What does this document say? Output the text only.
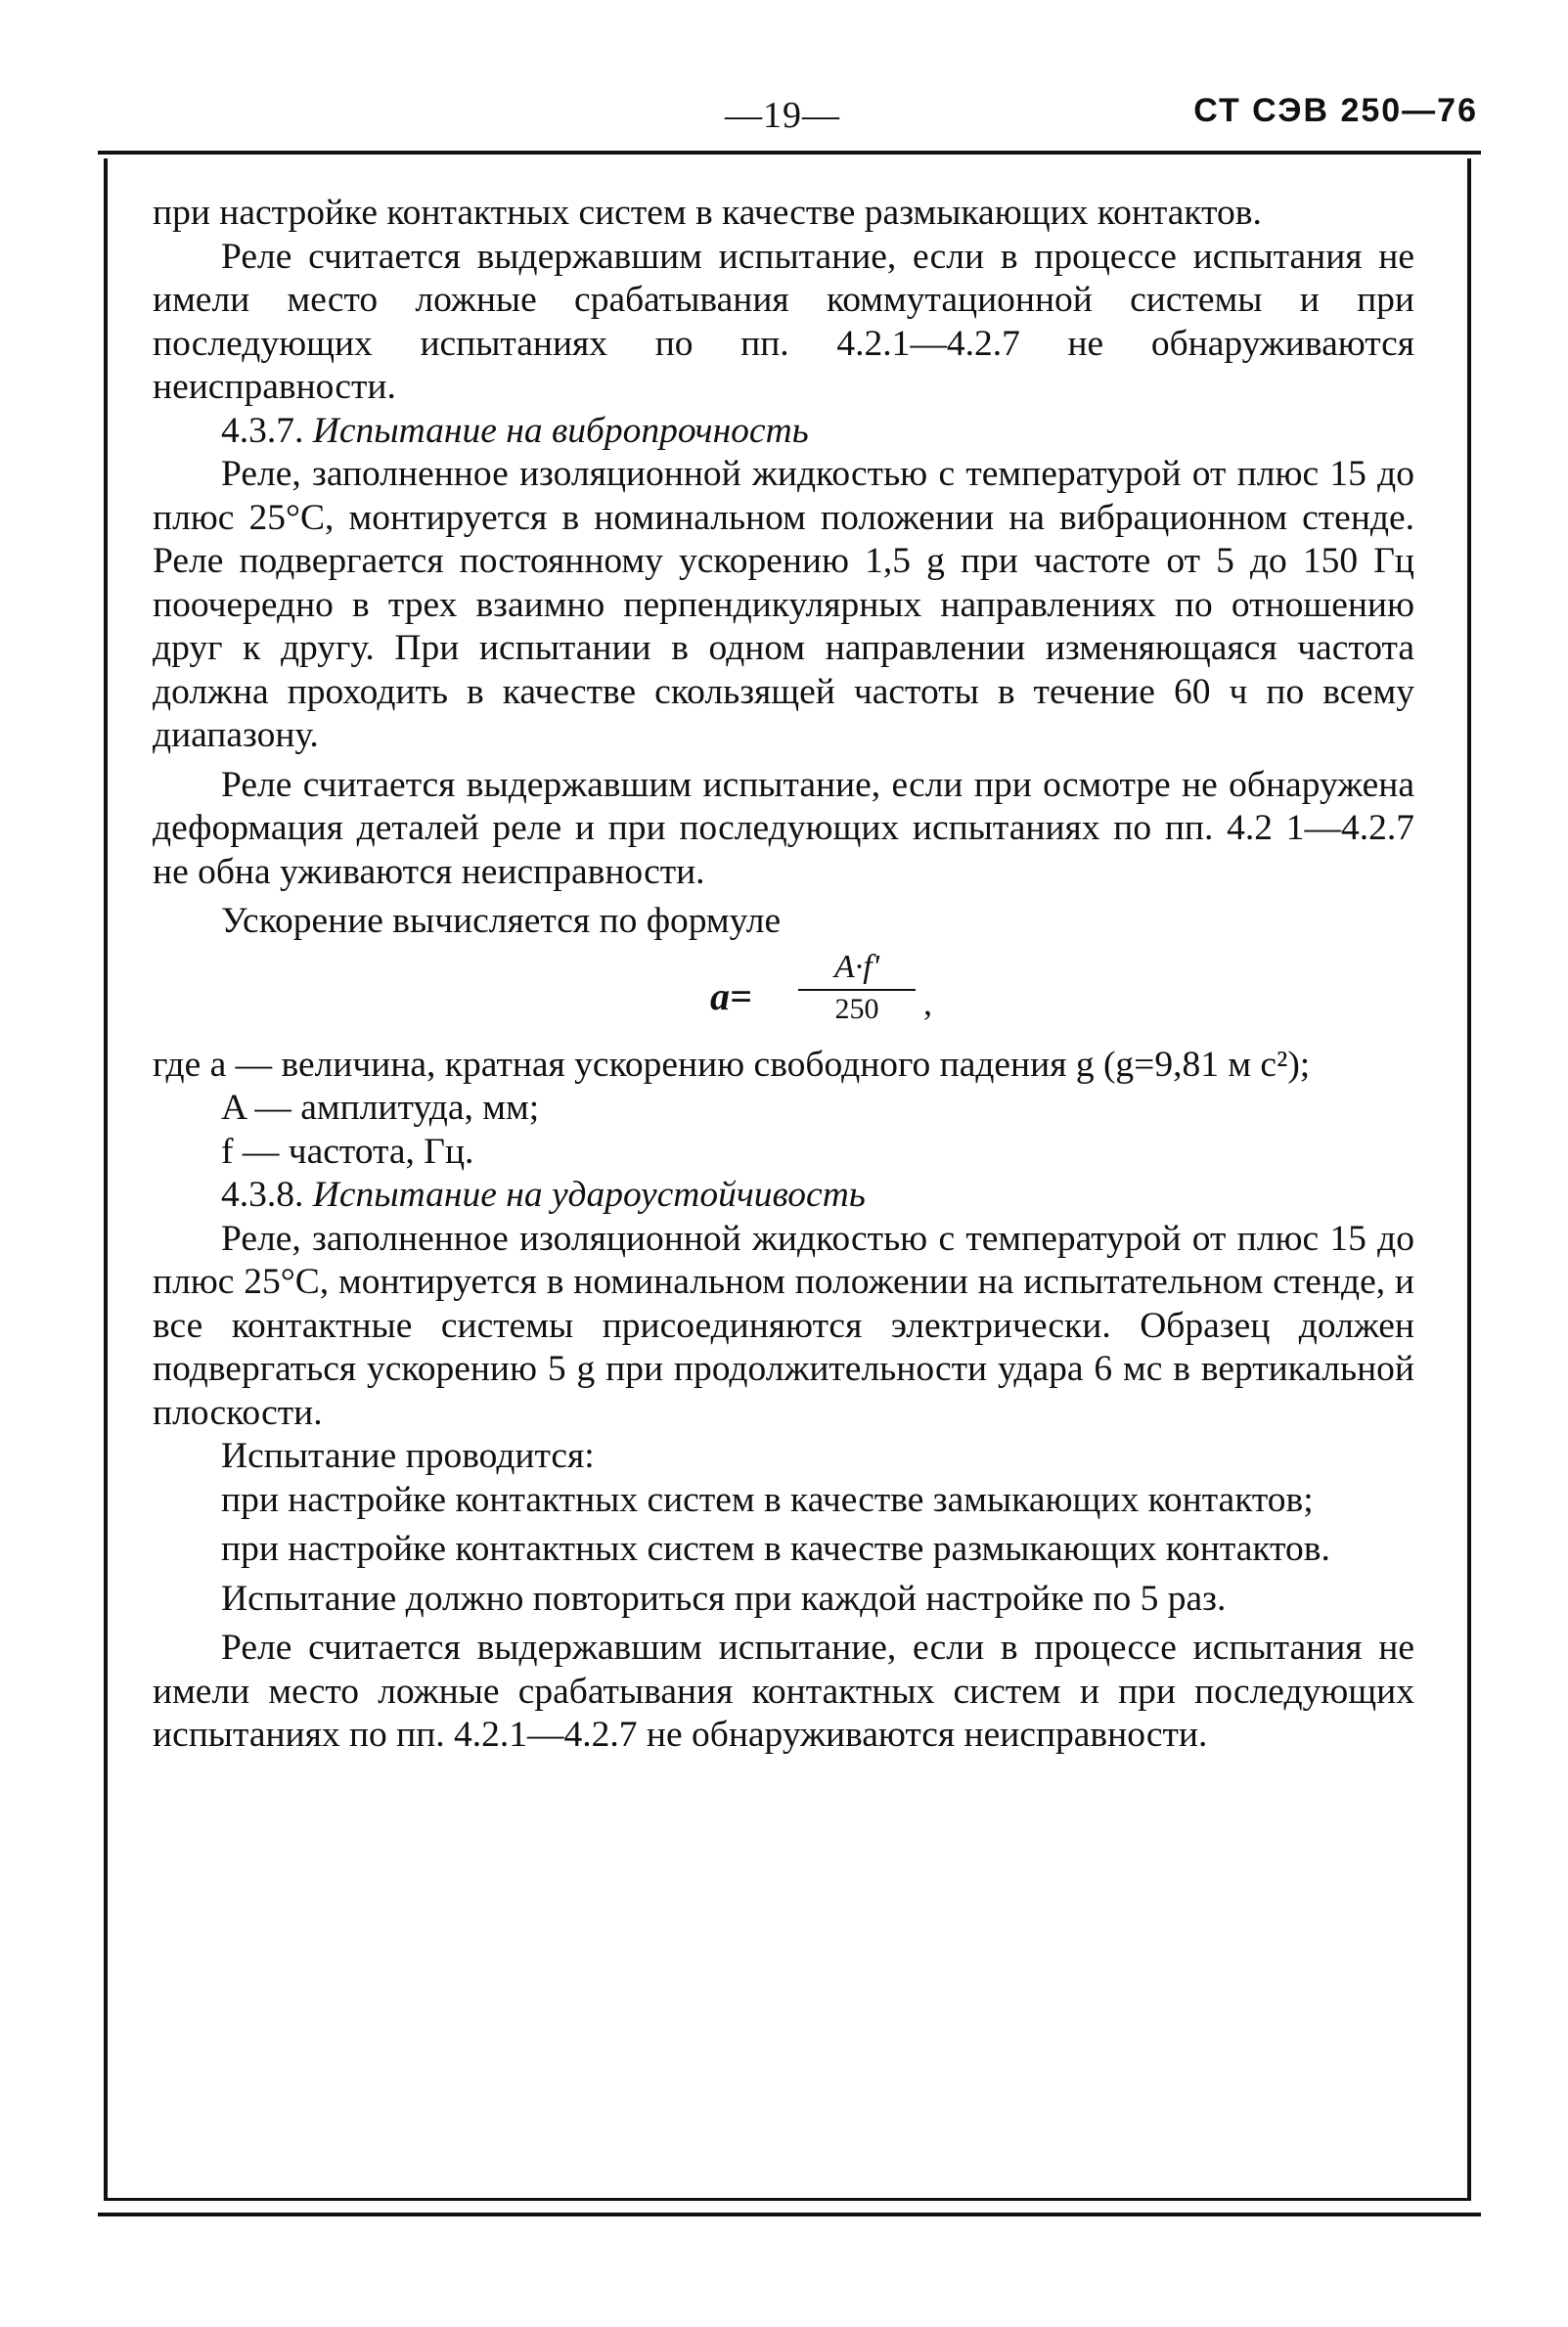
—19—	СТ СЭВ 250—76

при настройке контактных систем в качестве размыкающих контактов.

Реле считается выдержавшим испытание, если в процессе испытания не имели место ложные срабатывания коммутационной системы и при последующих испытаниях по пп. 4.2.1—4.2.7 не обнаруживаются неисправности.

4.3.7. Испытание на вибропрочность

Реле, заполненное изоляционной жидкостью с температурой от плюс 15 до плюс 25°С, монтируется в номинальном положении на вибрационном стенде. Реле подвергается постоянному ускорению 1,5 g при частоте от 5 до 150 Гц поочередно в трех взаимно перпендикулярных направлениях по отношению друг к другу. При испытании в одном направлении изменяющаяся частота должна проходить в качестве скользящей частоты в течение 60 ч по всему диапазону.

Реле считается выдержавшим испытание, если при осмотре не обнаружена деформация деталей реле и при последующих испытаниях по пп. 4.2 1—4.2.7 не обна уживаются неисправности.

Ускорение вычисляется по формуле

a=
A·f'
250	,

где a — величина, кратная ускорению свободного падения g (g=9,81 м с²);

A — амплитуда, мм;

f — частота, Гц.

4.3.8. Испытание на удароустойчивость

Реле, заполненное изоляционной жидкостью с температурой от плюс 15 до плюс 25°С, монтируется в номинальном положении на испытательном стенде, и все контактные системы присоединяются электрически. Образец должен подвергаться ускорению 5 g при продолжительности удара 6 мс в вертикальной плоскости.

Испытание проводится:

при настройке контактных систем в качестве замыкающих контактов;

при настройке контактных систем в качестве размыкающих контактов.

Испытание должно повториться при каждой настройке по 5 раз.

Реле считается выдержавшим испытание, если в процессе испытания не имели место ложные срабатывания контактных систем и при последующих испытаниях по пп. 4.2.1—4.2.7 не обнаруживаются неисправности.
